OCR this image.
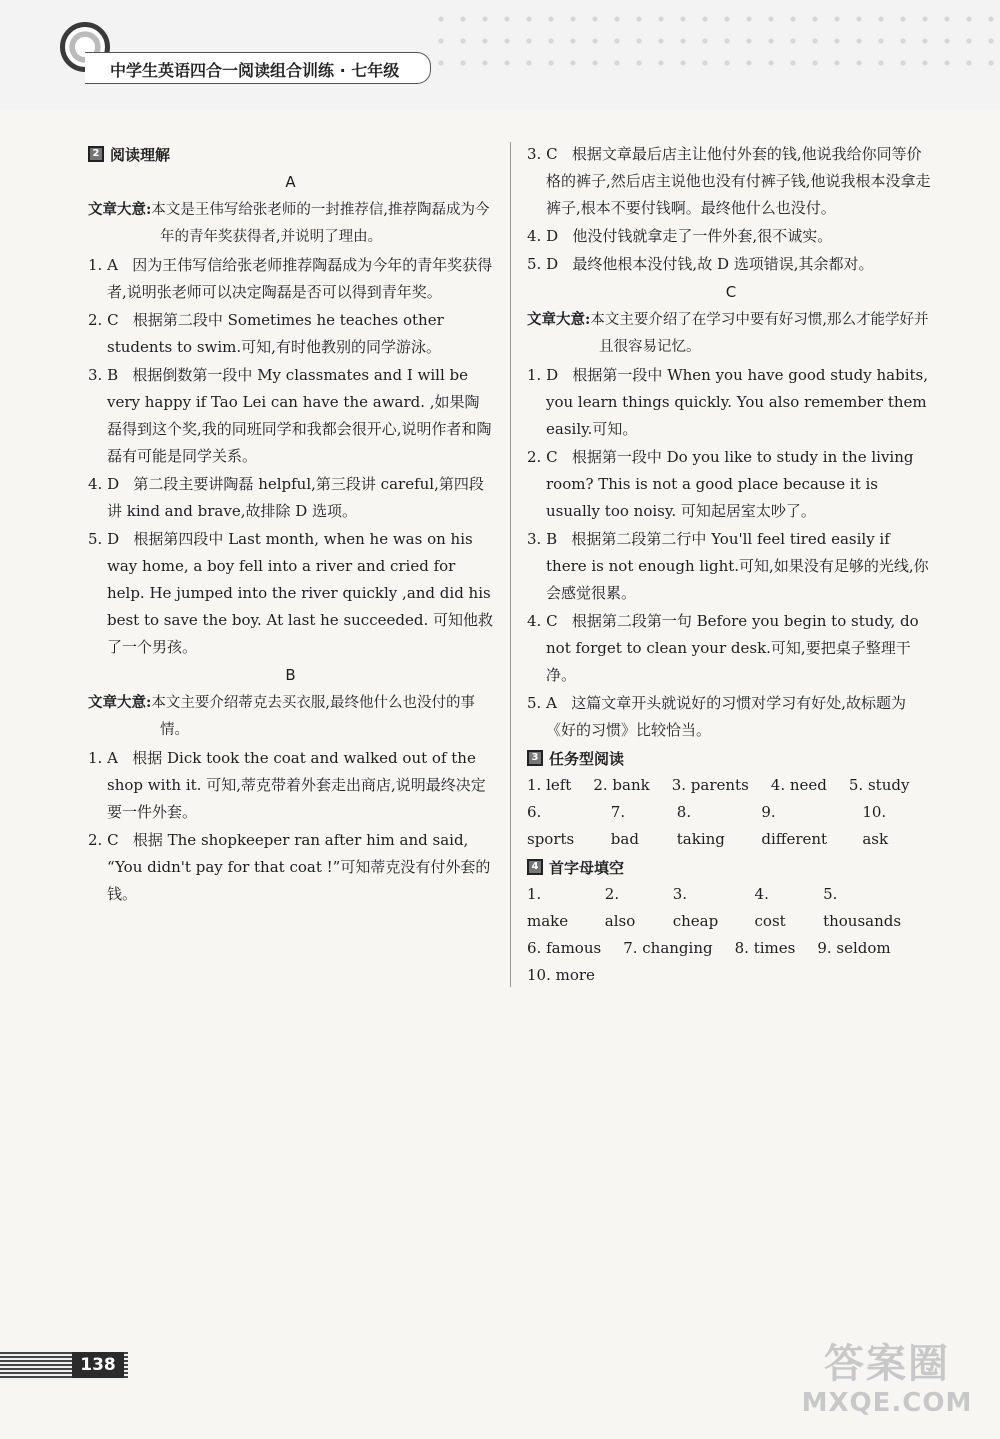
中学生英语四合一阅读组合训练 · 七年级
2 阅读理解
A
文章大意:本文是王伟写给张老师的一封推荐信,推荐陶磊成为今年的青年奖获得者,并说明了理由。
1. A 因为王伟写信给张老师推荐陶磊成为今年的青年奖获得者,说明张老师可以决定陶磊是否可以得到青年奖。
2. C 根据第二段中 Sometimes he teaches other students to swim.可知,有时他教别的同学游泳。
3. B 根据倒数第一段中 My classmates and I will be very happy if Tao Lei can have the award. ,如果陶磊得到这个奖,我的同班同学和我都会很开心,说明作者和陶磊有可能是同学关系。
4. D 第二段主要讲陶磊 helpful,第三段讲 careful,第四段讲 kind and brave,故排除 D 选项。
5. D 根据第四段中 Last month, when he was on his way home, a boy fell into a river and cried for help. He jumped into the river quickly ,and did his best to save the boy. At last he succeeded. 可知他救了一个男孩。
B
文章大意:本文主要介绍蒂克去买衣服,最终他什么也没付的事情。
1. A 根据 Dick took the coat and walked out of the shop with it. 可知,蒂克带着外套走出商店,说明最终决定要一件外套。
2. C 根据 The shopkeeper ran after him and said, “You didn't pay for that coat !”可知蒂克没有付外套的钱。
3. C 根据文章最后店主让他付外套的钱,他说我给你同等价格的裤子,然后店主说他也没有付裤子钱,他说我根本没拿走裤子,根本不要付钱啊。最终他什么也没付。
4. D 他没付钱就拿走了一件外套,很不诚实。
5. D 最终他根本没付钱,故 D 选项错误,其余都对。
C
文章大意:本文主要介绍了在学习中要有好习惯,那么才能学好并且很容易记忆。
1. D 根据第一段中 When you have good study habits, you learn things quickly. You also remember them easily.可知。
2. C 根据第一段中 Do you like to study in the living room? This is not a good place because it is usually too noisy. 可知起居室太吵了。
3. B 根据第二段第二行中 You'll feel tired easily if there is not enough light.可知,如果没有足够的光线,你会感觉很累。
4. C 根据第二段第一句 Before you begin to study, do not forget to clean your desk.可知,要把桌子整理干净。
5. A 这篇文章开头就说好的习惯对学习有好处,故标题为《好的习惯》比较恰当。
3 任务型阅读
1. left 2. bank 3. parents 4. need 5. study
6. sports
7. bad
8. taking
9. different
10. ask
4 首字母填空
1. make
2. also
3. cheap
4. cost
5. thousands
6. famous 7. changing 8. times 9. seldom
10. more
138	答案圈
MXQE.COM
